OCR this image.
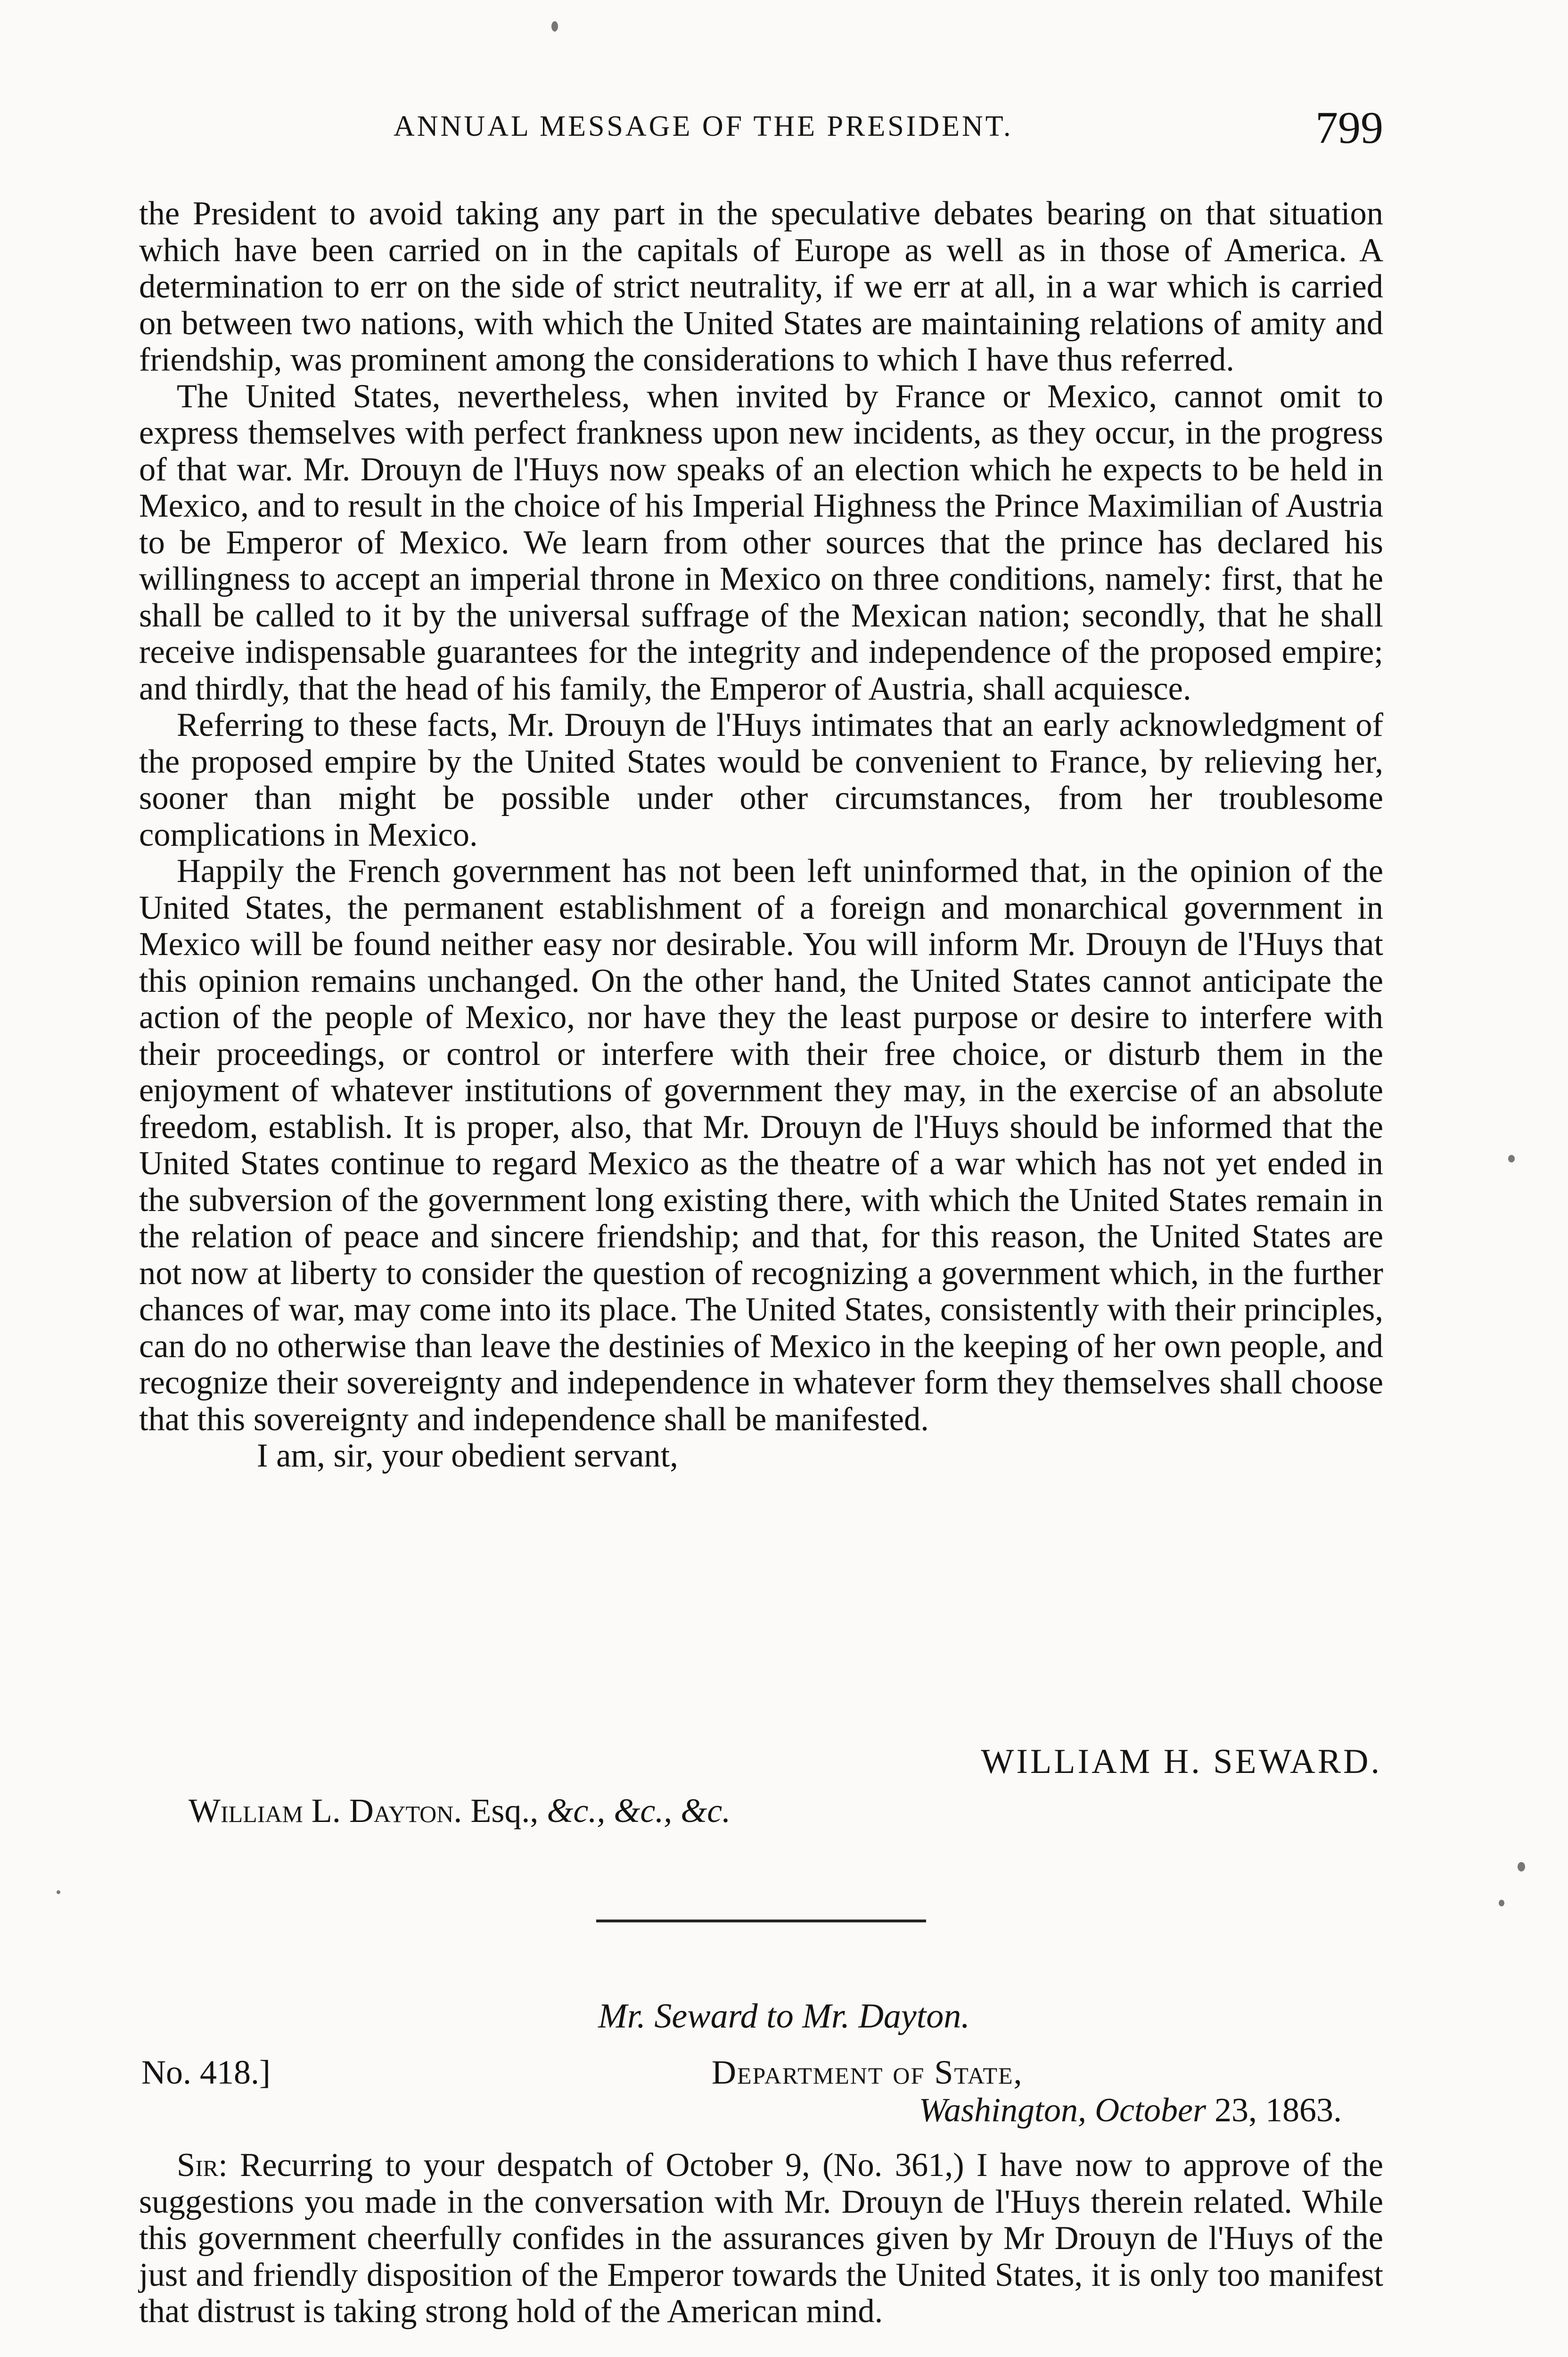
ANNUAL MESSAGE OF THE PRESIDENT.	799

the President to avoid taking any part in the speculative debates bearing on that situation which have been carried on in the capitals of Europe as well as in those of America. A determination to err on the side of strict neutrality, if we err at all, in a war which is carried on between two nations, with which the United States are maintaining relations of amity and friendship, was prominent among the considerations to which I have thus referred.

The United States, nevertheless, when invited by France or Mexico, cannot omit to express themselves with perfect frankness upon new incidents, as they occur, in the progress of that war. Mr. Drouyn de l'Huys now speaks of an election which he expects to be held in Mexico, and to result in the choice of his Imperial Highness the Prince Maximilian of Austria to be Emperor of Mexico. We learn from other sources that the prince has declared his willingness to accept an imperial throne in Mexico on three conditions, namely: first, that he shall be called to it by the universal suffrage of the Mexican nation; secondly, that he shall receive indispensable guarantees for the integrity and independence of the proposed empire; and thirdly, that the head of his family, the Emperor of Austria, shall acquiesce.

Referring to these facts, Mr. Drouyn de l'Huys intimates that an early acknowledgment of the proposed empire by the United States would be convenient to France, by relieving her, sooner than might be possible under other circumstances, from her troublesome complications in Mexico.

Happily the French government has not been left uninformed that, in the opinion of the United States, the permanent establishment of a foreign and monarchical government in Mexico will be found neither easy nor desirable. You will inform Mr. Drouyn de l'Huys that this opinion remains unchanged. On the other hand, the United States cannot anticipate the action of the people of Mexico, nor have they the least purpose or desire to interfere with their proceedings, or control or interfere with their free choice, or disturb them in the enjoyment of whatever institutions of government they may, in the exercise of an absolute freedom, establish. It is proper, also, that Mr. Drouyn de l'Huys should be informed that the United States continue to regard Mexico as the theatre of a war which has not yet ended in the subversion of the government long existing there, with which the United States remain in the relation of peace and sincere friendship; and that, for this reason, the United States are not now at liberty to consider the question of recognizing a government which, in the further chances of war, may come into its place. The United States, consistently with their principles, can do no otherwise than leave the destinies of Mexico in the keeping of her own people, and recognize their sovereignty and independence in whatever form they themselves shall choose that this sovereignty and independence shall be manifested.

I am, sir, your obedient servant,

WILLIAM H. SEWARD.
William L. Dayton. Esq., &c., &c., &c.
Mr. Seward to Mr. Dayton.
No. 418.]	Department of State,
Washington, October 23, 1863.

Sir: Recurring to your despatch of October 9, (No. 361,) I have now to approve of the suggestions you made in the conversation with Mr. Drouyn de l'Huys therein related. While this government cheerfully confides in the assurances given by Mr Drouyn de l'Huys of the just and friendly disposition of the Emperor towards the United States, it is only too manifest that distrust is taking strong hold of the American mind.
